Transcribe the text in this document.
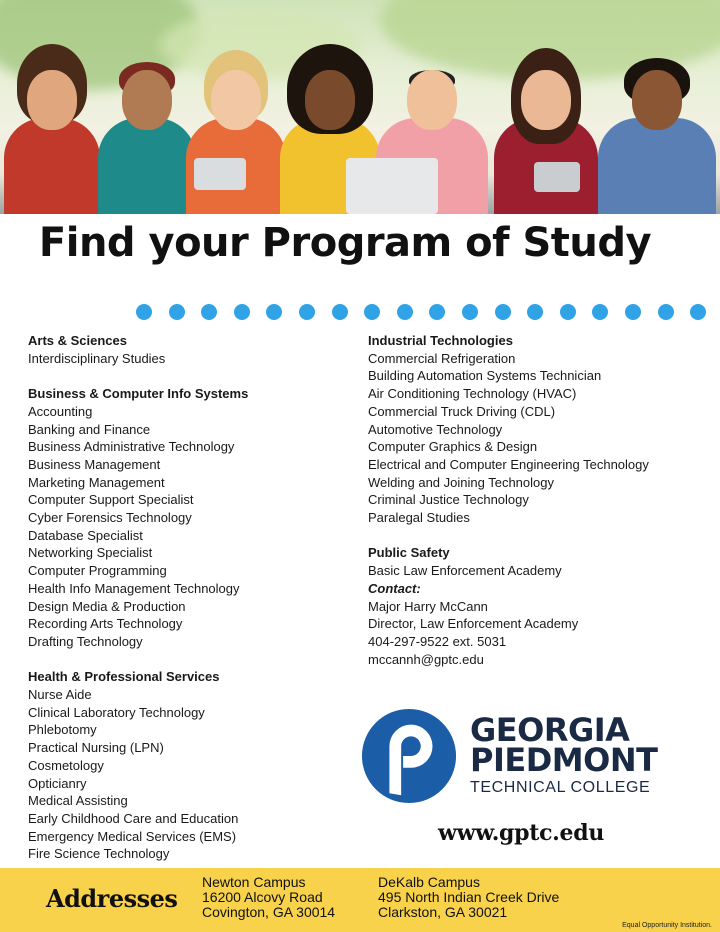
Find your Program of Study
Arts & Sciences
Interdisciplinary Studies
Business & Computer Info Systems
Accounting
Banking and Finance
Business Administrative Technology
Business Management
Marketing Management
Computer Support Specialist
Cyber Forensics Technology
Database Specialist
Networking Specialist
Computer Programming
Health Info Management Technology
Design Media & Production
Recording Arts Technology
Drafting Technology
Health & Professional Services
Nurse Aide
Clinical Laboratory Technology
Phlebotomy
Practical Nursing (LPN)
Cosmetology
Opticianry
Medical Assisting
Early Childhood Care and Education
Emergency Medical Services (EMS)
Fire Science Technology
Industrial Technologies
Commercial Refrigeration
Building Automation Systems Technician
Air Conditioning Technology (HVAC)
Commercial Truck Driving (CDL)
Automotive Technology
Computer Graphics & Design
Electrical and Computer Engineering Technology
Welding and Joining Technology
Criminal Justice Technology
Paralegal Studies
Public Safety
Basic Law Enforcement Academy
Contact:
Major Harry McCann
Director, Law Enforcement Academy
404-297-9522 ext. 5031
mccannh@gptc.edu
GEORGIA
PIEDMONT
TECHNICAL COLLEGE
www.gptc.edu
Addresses
Newton Campus
16200 Alcovy Road
Covington, GA 30014
DeKalb Campus
495 North Indian Creek Drive
Clarkston, GA 30021
Equal Opportunity Institution.
